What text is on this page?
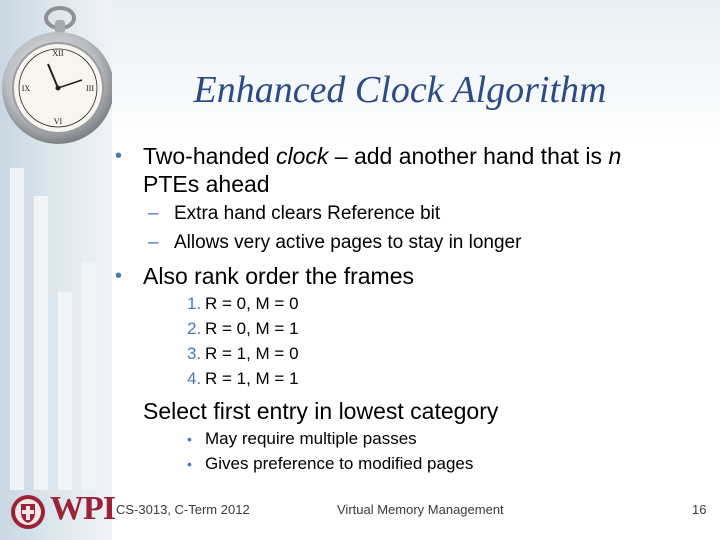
XII
III
VI
IX	Enhanced Clock Algorithm
• Two-handed clock – add another hand that is n
PTEs ahead
– Extra hand clears Reference bit
– Allows very active pages to stay in longer
• Also rank order the frames
1. R = 0, M = 0
2. R = 0, M = 1
3. R = 1, M = 0
4. R = 1, M = 1
Select first entry in lowest category
• May require multiple passes
• Gives preference to modified pages
WPI CS-3013, C-Term 2012	Virtual Memory Management	16
